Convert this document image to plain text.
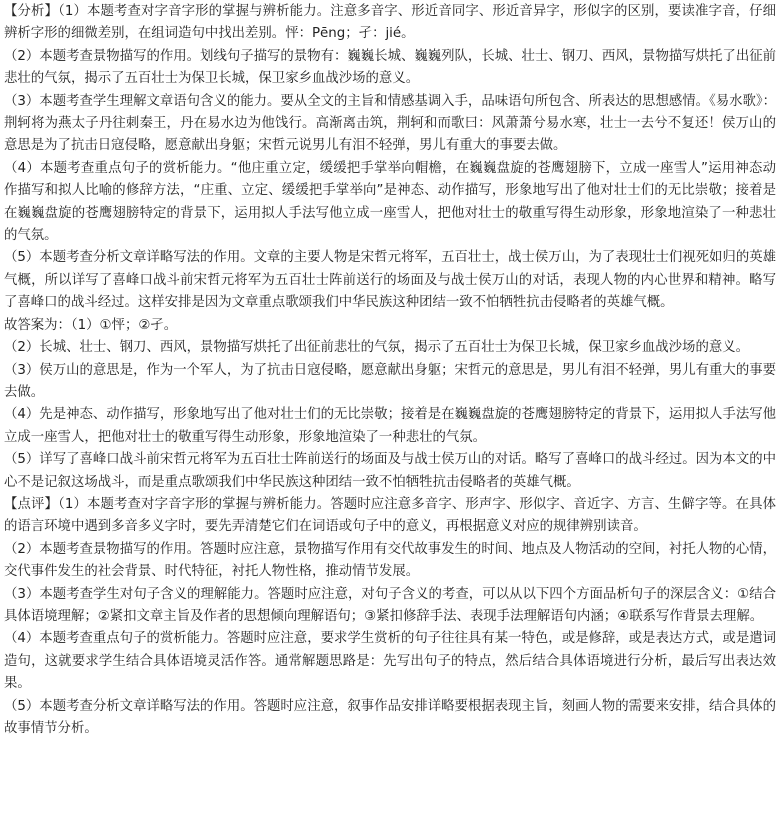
【分析】（1）本题考查对字音字形的掌握与辨析能力。注意多音字、形近音同字、形近音异字，形似字的区别，要读准字音，仔细辨析字形的细微差别，在组词造句中找出差别。怦：Pēng；孑：jié。

（2）本题考查景物描写的作用。划线句子描写的景物有：巍巍长城、巍巍列队，长城、壮士、钢刀、西风，景物描写烘托了出征前悲壮的气氛，揭示了五百壮士为保卫长城，保卫家乡血战沙场的意义。

（3）本题考查学生理解文章语句含义的能力。要从全文的主旨和情感基调入手，品味语句所包含、所表达的思想感情。《易水歌》：荆轲将为燕太子丹往刺秦王，丹在易水边为他饯行。高渐离击筑，荆轲和而歌曰：风萧萧兮易水寒，壮士一去兮不复还！侯万山的意思是为了抗击日寇侵略，愿意献出身躯；宋哲元说男儿有泪不轻弹，男儿有重大的事要去做。

（4）本题考查重点句子的赏析能力。“他庄重立定，缓缓把手掌举向帽檐，在巍巍盘旋的苍鹰翅膀下，立成一座雪人”运用神态动作描写和拟人比喻的修辞方法，“庄重、立定、缓缓把手掌举向”是神态、动作描写，形象地写出了他对壮士们的无比崇敬；接着是在巍巍盘旋的苍鹰翅膀特定的背景下，运用拟人手法写他立成一座雪人，把他对壮士的敬重写得生动形象，形象地渲染了一种悲壮的气氛。

（5）本题考查分析文章详略写法的作用。文章的主要人物是宋哲元将军，五百壮士，战士侯万山，为了表现壮士们视死如归的英雄气概，所以详写了喜峰口战斗前宋哲元将军为五百壮士阵前送行的场面及与战士侯万山的对话，表现人物的内心世界和精神。略写了喜峰口的战斗经过。这样安排是因为文章重点歌颂我们中华民族这种团结一致不怕牺牲抗击侵略者的英雄气概。

故答案为：（1）①怦；②孑。

（2）长城、壮士、钢刀、西风，景物描写烘托了出征前悲壮的气氛，揭示了五百壮士为保卫长城，保卫家乡血战沙场的意义。

（3）侯万山的意思是，作为一个军人，为了抗击日寇侵略，愿意献出身躯；宋哲元的意思是，男儿有泪不轻弹，男儿有重大的事要去做。

（4）先是神态、动作描写，形象地写出了他对壮士们的无比崇敬；接着是在巍巍盘旋的苍鹰翅膀特定的背景下，运用拟人手法写他立成一座雪人，把他对壮士的敬重写得生动形象，形象地渲染了一种悲壮的气氛。

（5）详写了喜峰口战斗前宋哲元将军为五百壮士阵前送行的场面及与战士侯万山的对话。略写了喜峰口的战斗经过。因为本文的中心不是记叙这场战斗，而是重点歌颂我们中华民族这种团结一致不怕牺牲抗击侵略者的英雄气概。

【点评】（1）本题考查对字音字形的掌握与辨析能力。答题时应注意多音字、形声字、形似字、音近字、方言、生僻字等。在具体的语言环境中遇到多音多义字时，要先弄清楚它们在词语或句子中的意义，再根据意义对应的规律辨别读音。

（2）本题考查景物描写的作用。答题时应注意，景物描写作用有交代故事发生的时间、地点及人物活动的空间，衬托人物的心情，交代事件发生的社会背景、时代特征，衬托人物性格，推动情节发展。

（3）本题考查学生对句子含义的理解能力。答题时应注意，对句子含义的考查，可以从以下四个方面品析句子的深层含义：①结合具体语境理解；②紧扣文章主旨及作者的思想倾向理解语句；③紧扣修辞手法、表现手法理解语句内涵；④联系写作背景去理解。

（4）本题考查重点句子的赏析能力。答题时应注意，要求学生赏析的句子往往具有某一特色，或是修辞，或是表达方式，或是遣词造句，这就要求学生结合具体语境灵活作答。通常解题思路是：先写出句子的特点，然后结合具体语境进行分析，最后写出表达效果。

（5）本题考查分析文章详略写法的作用。答题时应注意，叙事作品安排详略要根据表现主旨，刻画人物的需要来安排，结合具体的故事情节分析。
